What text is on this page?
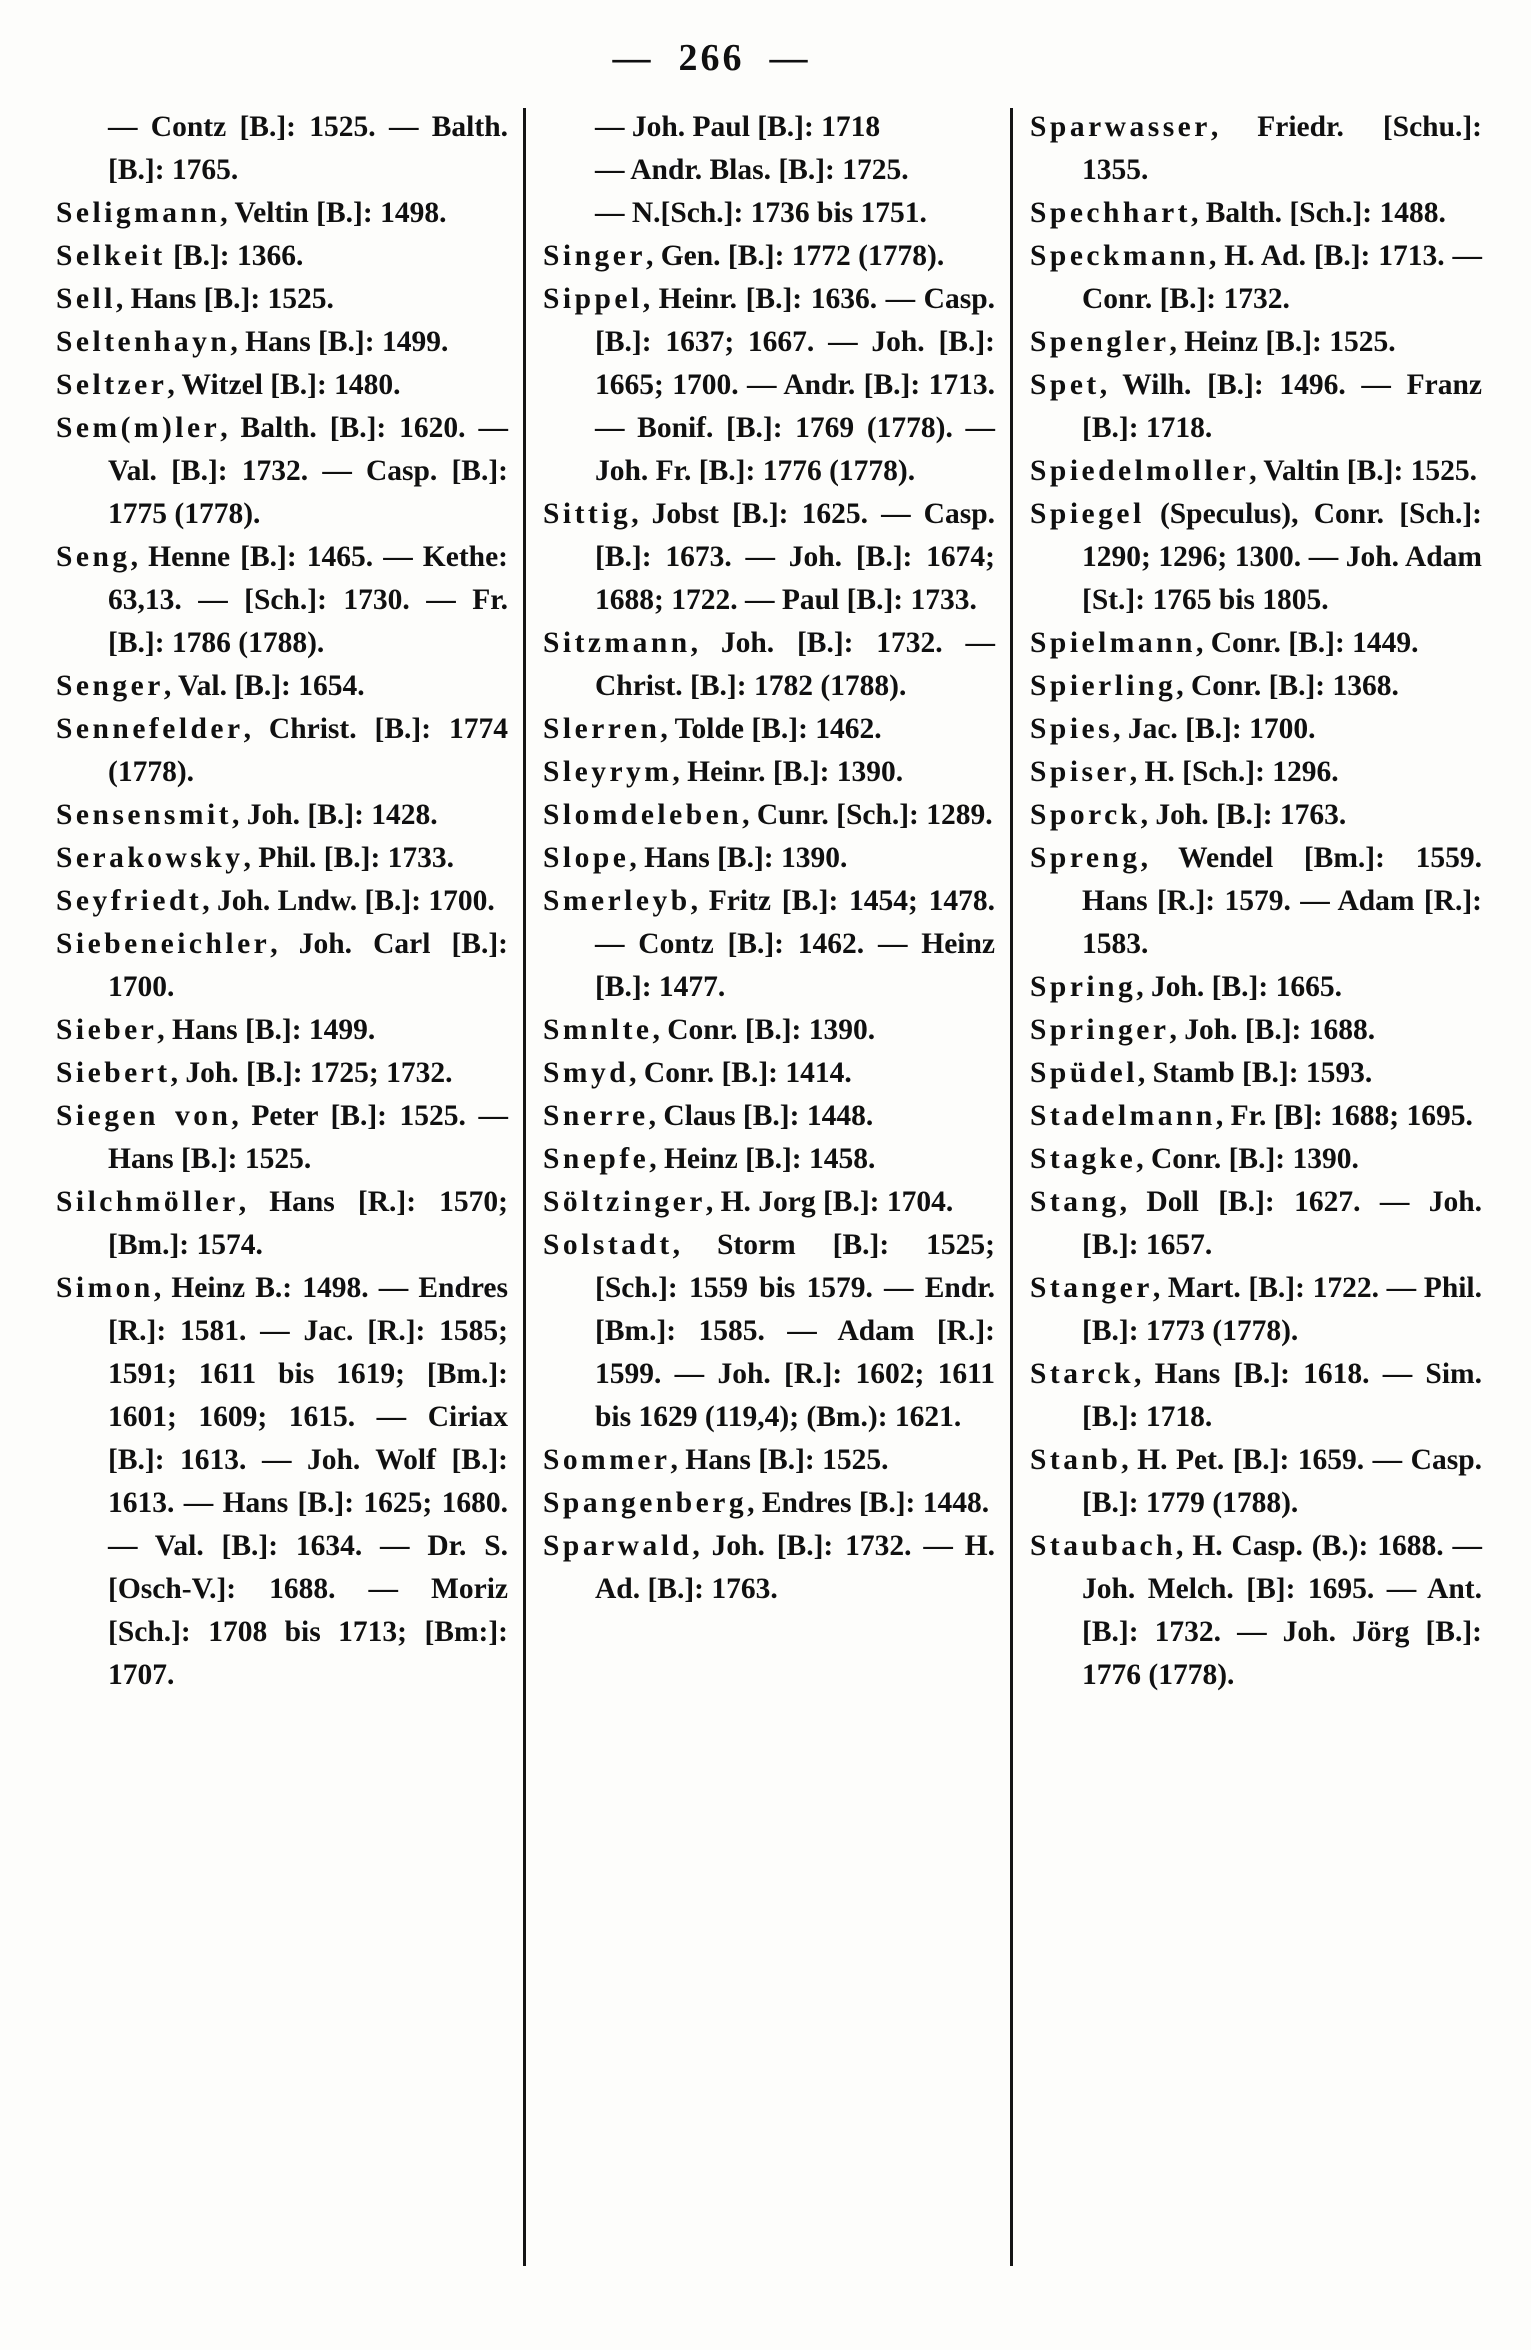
—  266  —

— Contz [B.]: 1525. — Balth. [B.]: 1765.

Seligmann, Veltin [B.]: 1498.

Selkeit [B.]: 1366.

Sell, Hans [B.]: 1525.

Seltenhayn, Hans [B.]: 1499.

Seltzer, Witzel [B.]: 1480.

Sem(m)ler, Balth. [B.]: 1620. — Val. [B.]: 1732. — Casp. [B.]: 1775 (1778).

Seng, Henne [B.]: 1465. — Kethe: 63,13. — [Sch.]: 1730. — Fr. [B.]: 1786 (1788).

Senger, Val. [B.]: 1654.

Sennefelder, Christ. [B.]: 1774 (1778).

Sensensmit, Joh. [B.]: 1428.

Serakowsky, Phil. [B.]: 1733.

Seyfriedt, Joh. Lndw. [B.]: 1700.

Siebeneichler, Joh. Carl [B.]: 1700.

Sieber, Hans [B.]: 1499.

Siebert, Joh. [B.]: 1725; 1732.

Siegen von, Peter [B.]: 1525. — Hans [B.]: 1525.

Silchmöller, Hans [R.]: 1570; [Bm.]: 1574.

Simon, Heinz B.: 1498. — Endres [R.]: 1581. — Jac. [R.]: 1585; 1591; 1611 bis 1619; [Bm.]: 1601; 1609; 1615. — Ciriax [B.]: 1613. — Joh. Wolf [B.]: 1613. — Hans [B.]: 1625; 1680. — Val. [B.]: 1634. — Dr. S. [Osch-V.]: 1688. — Moriz [Sch.]: 1708 bis 1713; [Bm:]: 1707.

— Joh. Paul [B.]: 1718

— Andr. Blas. [B.]: 1725.

— N.[Sch.]: 1736 bis 1751.

Singer, Gen. [B.]: 1772 (1778).

Sippel, Heinr. [B.]: 1636. — Casp. [B.]: 1637; 1667. — Joh. [B.]: 1665; 1700. — Andr. [B.]: 1713. — Bonif. [B.]: 1769 (1778). — Joh. Fr. [B.]: 1776 (1778).

Sittig, Jobst [B.]: 1625. — Casp. [B.]: 1673. — Joh. [B.]: 1674; 1688; 1722. — Paul [B.]: 1733.

Sitzmann, Joh. [B.]: 1732. — Christ. [B.]: 1782 (1788).

Slerren, Tolde [B.]: 1462.

Sleyrym, Heinr. [B.]: 1390.

Slomdeleben, Cunr. [Sch.]: 1289.

Slope, Hans [B.]: 1390.

Smerleyb, Fritz [B.]: 1454; 1478. — Contz [B.]: 1462. — Heinz [B.]: 1477.

Smnlte, Conr. [B.]: 1390.

Smyd, Conr. [B.]: 1414.

Snerre, Claus [B.]: 1448.

Snepfe, Heinz [B.]: 1458.

Söltzinger, H. Jorg [B.]: 1704.

Solstadt, Storm [B.]: 1525; [Sch.]: 1559 bis 1579. — Endr. [Bm.]: 1585. — Adam [R.]: 1599. — Joh. [R.]: 1602; 1611 bis 1629 (119,4); (Bm.): 1621.

Sommer, Hans [B.]: 1525.

Spangenberg, Endres [B.]: 1448.

Sparwald, Joh. [B.]: 1732. — H. Ad. [B.]: 1763.

Sparwasser, Friedr. [Schu.]: 1355.

Spechhart, Balth. [Sch.]: 1488.

Speckmann, H. Ad. [B.]: 1713. — Conr. [B.]: 1732.

Spengler, Heinz [B.]: 1525.

Spet, Wilh. [B.]: 1496. — Franz [B.]: 1718.

Spiedelmoller, Valtin [B.]: 1525.

Spiegel (Speculus), Conr. [Sch.]: 1290; 1296; 1300. — Joh. Adam [St.]: 1765 bis 1805.

Spielmann, Conr. [B.]: 1449.

Spierling, Conr. [B.]: 1368.

Spies, Jac. [B.]: 1700.

Spiser, H. [Sch.]: 1296.

Sporck, Joh. [B.]: 1763.

Spreng, Wendel [Bm.]: 1559. Hans [R.]: 1579. — Adam [R.]: 1583.

Spring, Joh. [B.]: 1665.

Springer, Joh. [B.]: 1688.

Spüdel, Stamb [B.]: 1593.

Stadelmann, Fr. [B]: 1688; 1695.

Stagke, Conr. [B.]: 1390.

Stang, Doll [B.]: 1627. — Joh. [B.]: 1657.

Stanger, Mart. [B.]: 1722. — Phil. [B.]: 1773 (1778).

Starck, Hans [B.]: 1618. — Sim. [B.]: 1718.

Stanb, H. Pet. [B.]: 1659. — Casp. [B.]: 1779 (1788).

Staubach, H. Casp. (B.): 1688. — Joh. Melch. [B]: 1695. — Ant. [B.]: 1732. — Joh. Jörg [B.]: 1776 (1778).
